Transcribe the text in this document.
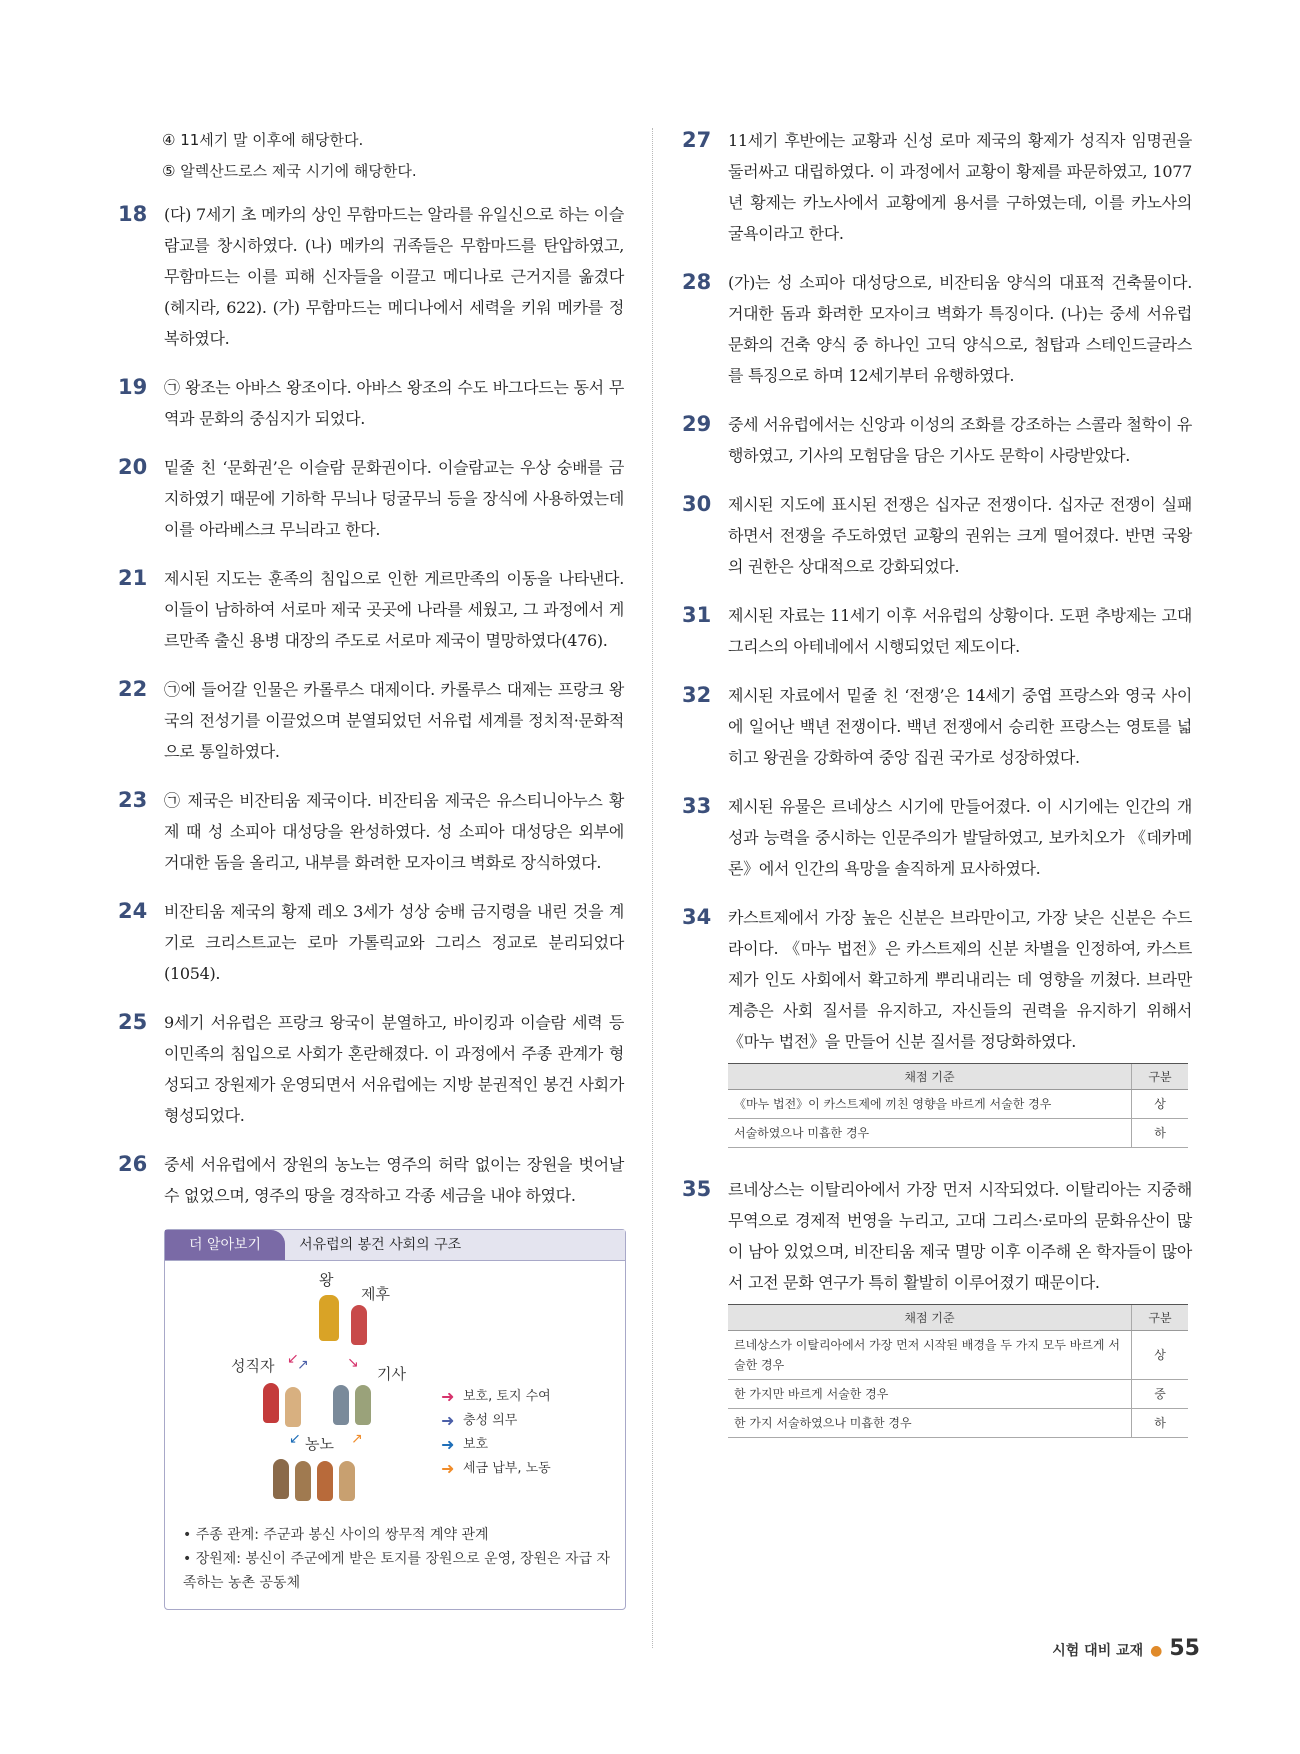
④ 11세기 말 이후에 해당한다.
⑤ 알렉산드로스 제국 시기에 해당한다.
18	(다) 7세기 초 메카의 상인 무함마드는 알라를 유일신으로 하는 이슬람교를 창시하였다. (나) 메카의 귀족들은 무함마드를 탄압하였고, 무함마드는 이를 피해 신자들을 이끌고 메디나로 근거지를 옮겼다(헤지라, 622). (가) 무함마드는 메디나에서 세력을 키워 메카를 정복하였다.

19	㉠ 왕조는 아바스 왕조이다. 아바스 왕조의 수도 바그다드는 동서 무역과 문화의 중심지가 되었다.

20	밑줄 친 ‘문화권’은 이슬람 문화권이다. 이슬람교는 우상 숭배를 금지하였기 때문에 기하학 무늬나 덩굴무늬 등을 장식에 사용하였는데 이를 아라베스크 무늬라고 한다.

21	제시된 지도는 훈족의 침입으로 인한 게르만족의 이동을 나타낸다. 이들이 남하하여 서로마 제국 곳곳에 나라를 세웠고, 그 과정에서 게르만족 출신 용병 대장의 주도로 서로마 제국이 멸망하였다(476).

22	㉠에 들어갈 인물은 카롤루스 대제이다. 카롤루스 대제는 프랑크 왕국의 전성기를 이끌었으며 분열되었던 서유럽 세계를 정치적·문화적으로 통일하였다.

23	㉠ 제국은 비잔티움 제국이다. 비잔티움 제국은 유스티니아누스 황제 때 성 소피아 대성당을 완성하였다. 성 소피아 대성당은 외부에 거대한 돔을 올리고, 내부를 화려한 모자이크 벽화로 장식하였다.

24	비잔티움 제국의 황제 레오 3세가 성상 숭배 금지령을 내린 것을 계기로 크리스트교는 로마 가톨릭교와 그리스 정교로 분리되었다(1054).

25	9세기 서유럽은 프랑크 왕국이 분열하고, 바이킹과 이슬람 세력 등 이민족의 침입으로 사회가 혼란해졌다. 이 과정에서 주종 관계가 형성되고 장원제가 운영되면서 서유럽에는 지방 분권적인 봉건 사회가 형성되었다.

26	중세 서유럽에서 장원의 농노는 영주의 허락 없이는 장원을 벗어날 수 없었으며, 영주의 땅을 경작하고 각종 세금을 내야 하였다.

더 알아보기	서유럽의 봉건 사회의 구조
왕
제후
성직자	기사
농노
↙
↗	↘
↙	↗
➜ 보호, 토지 수여
➜ 충성 의무
➜ 보호
➜ 세금 납부, 노동
• 주종 관계: 주군과 봉신 사이의 쌍무적 계약 관계
• 장원제: 봉신이 주군에게 받은 토지를 장원으로 운영, 장원은 자급 자족하는 농촌 공동체
27	11세기 후반에는 교황과 신성 로마 제국의 황제가 성직자 임명권을 둘러싸고 대립하였다. 이 과정에서 교황이 황제를 파문하였고, 1077년 황제는 카노사에서 교황에게 용서를 구하였는데, 이를 카노사의 굴욕이라고 한다.

28	(가)는 성 소피아 대성당으로, 비잔티움 양식의 대표적 건축물이다. 거대한 돔과 화려한 모자이크 벽화가 특징이다. (나)는 중세 서유럽 문화의 건축 양식 중 하나인 고딕 양식으로, 첨탑과 스테인드글라스를 특징으로 하며 12세기부터 유행하였다.

29	중세 서유럽에서는 신앙과 이성의 조화를 강조하는 스콜라 철학이 유행하였고, 기사의 모험담을 담은 기사도 문학이 사랑받았다.

30	제시된 지도에 표시된 전쟁은 십자군 전쟁이다. 십자군 전쟁이 실패하면서 전쟁을 주도하였던 교황의 권위는 크게 떨어졌다. 반면 국왕의 권한은 상대적으로 강화되었다.

31	제시된 자료는 11세기 이후 서유럽의 상황이다. 도편 추방제는 고대 그리스의 아테네에서 시행되었던 제도이다.

32	제시된 자료에서 밑줄 친 ‘전쟁’은 14세기 중엽 프랑스와 영국 사이에 일어난 백년 전쟁이다. 백년 전쟁에서 승리한 프랑스는 영토를 넓히고 왕권을 강화하여 중앙 집권 국가로 성장하였다.

33	제시된 유물은 르네상스 시기에 만들어졌다. 이 시기에는 인간의 개성과 능력을 중시하는 인문주의가 발달하였고, 보카치오가 《데카메론》에서 인간의 욕망을 솔직하게 묘사하였다.

34	카스트제에서 가장 높은 신분은 브라만이고, 가장 낮은 신분은 수드라이다. 《마누 법전》은 카스트제의 신분 차별을 인정하여, 카스트제가 인도 사회에서 확고하게 뿌리내리는 데 영향을 끼쳤다. 브라만 계층은 사회 질서를 유지하고, 자신들의 권력을 유지하기 위해서 《마누 법전》을 만들어 신분 질서를 정당화하였다.

채점 기준	구분
《마누 법전》이 카스트제에 끼친 영향을 바르게 서술한 경우	상
서술하였으나 미흡한 경우	하
35	르네상스는 이탈리아에서 가장 먼저 시작되었다. 이탈리아는 지중해 무역으로 경제적 번영을 누리고, 고대 그리스·로마의 문화유산이 많이 남아 있었으며, 비잔티움 제국 멸망 이후 이주해 온 학자들이 많아서 고전 문화 연구가 특히 활발히 이루어졌기 때문이다.

채점 기준	구분
르네상스가 이탈리아에서 가장 먼저 시작된 배경을 두 가지 모두 바르게 서술한 경우	상
한 가지만 바르게 서술한 경우	중
한 가지 서술하였으나 미흡한 경우	하
시험 대비 교재 ● 55
